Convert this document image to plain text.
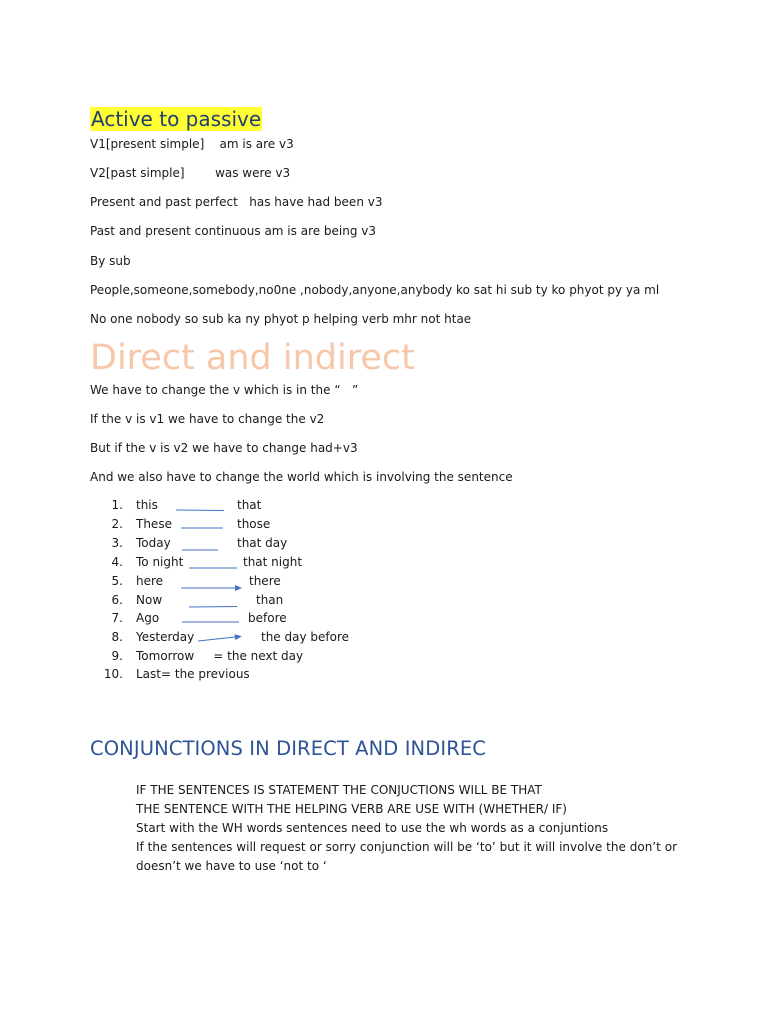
Active to passive
V1[present simple]    am is are v3
V2[past simple]        was were v3
Present and past perfect   has have had been v3
Past and present continuous am is are being v3
By sub
People,someone,somebody,no0ne ,nobody,anyone,anybody ko sat hi sub ty ko phyot py ya ml
No one nobody so sub ka ny phyot p helping verb mhr not htae
Direct and indirect
We have to change the v which is in the “   ”
If the v is v1 we have to change the v2
But if the v is v2 we have to change had+v3
And we also have to change the world which is involving the sentence
1. this	that
2. These	those
3. Today	that day
4. To night	that night
5. here	there
6. Now	than
7. Ago	before
8. Yesterday	the day before
9. Tomorrow     = the next day
10. Last= the previous
CONJUNCTIONS IN DIRECT AND INDIREC
IF THE SENTENCES IS STATEMENT THE CONJUCTIONS WILL BE THAT
THE SENTENCE WITH THE HELPING VERB ARE USE WITH (WHETHER/ IF)
Start with the WH words sentences need to use the wh words as a conjuntions
If the sentences will request or sorry conjunction will be ‘to’ but it will involve the don’t or
doesn’t we have to use ‘not to ‘
